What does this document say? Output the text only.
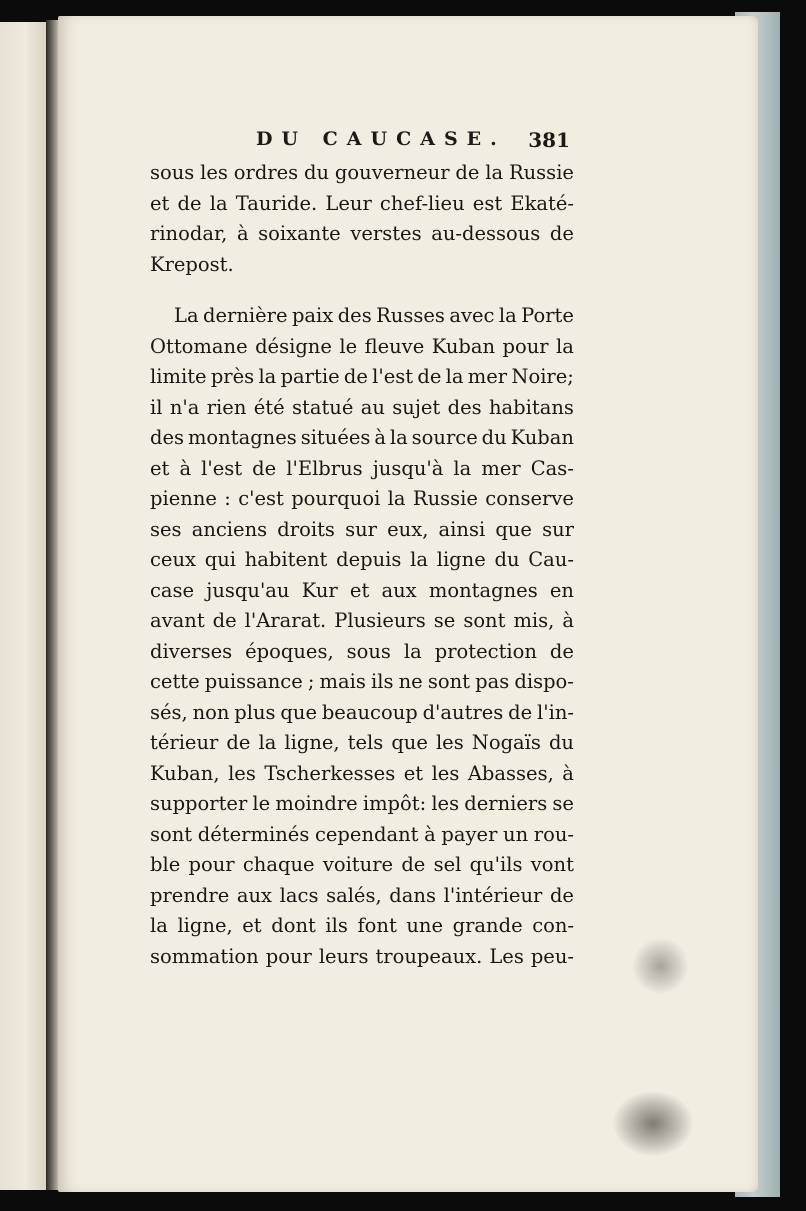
DU CAUCASE. 381
sous les ordres du gouverneur de la Russie
et de la Tauride. Leur chef-lieu est Ekaté-
rinodar, à soixante verstes au-dessous de
Krepost.
La dernière paix des Russes avec la Porte
Ottomane désigne le fleuve Kuban pour la
limite près la partie de l'est de la mer Noire;
il n'a rien été statué au sujet des habitans
des montagnes situées à la source du Kuban
et à l'est de l'Elbrus jusqu'à la mer Cas-
pienne : c'est pourquoi la Russie conserve
ses anciens droits sur eux, ainsi que sur
ceux qui habitent depuis la ligne du Cau-
case jusqu'au Kur et aux montagnes en
avant de l'Ararat. Plusieurs se sont mis, à
diverses époques, sous la protection de
cette puissance ; mais ils ne sont pas dispo-
sés, non plus que beaucoup d'autres de l'in-
térieur de la ligne, tels que les Nogaïs du
Kuban, les Tscherkesses et les Abasses, à
supporter le moindre impôt: les derniers se
sont déterminés cependant à payer un rou-
ble pour chaque voiture de sel qu'ils vont
prendre aux lacs salés, dans l'intérieur de
la ligne, et dont ils font une grande con-
sommation pour leurs troupeaux. Les peu-
